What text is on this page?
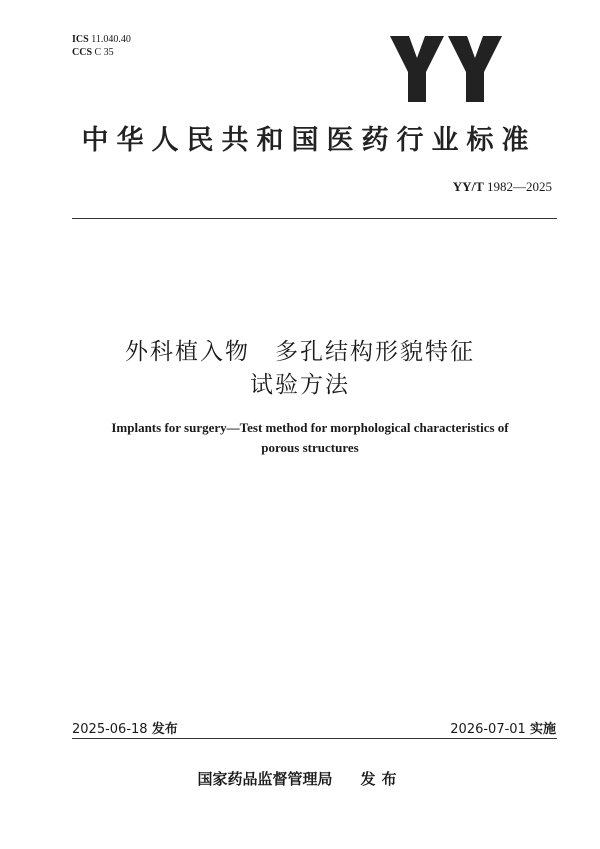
ICS 11.040.40
CCS C 35
中华人民共和国医药行业标准
YY/T 1982—2025
外科植入物　多孔结构形貌特征
试验方法
Implants for surgery—Test method for morphological characteristics of
porous structures
2025-06-18 发布	2026-07-01 实施
国家药品监督管理局 发布
